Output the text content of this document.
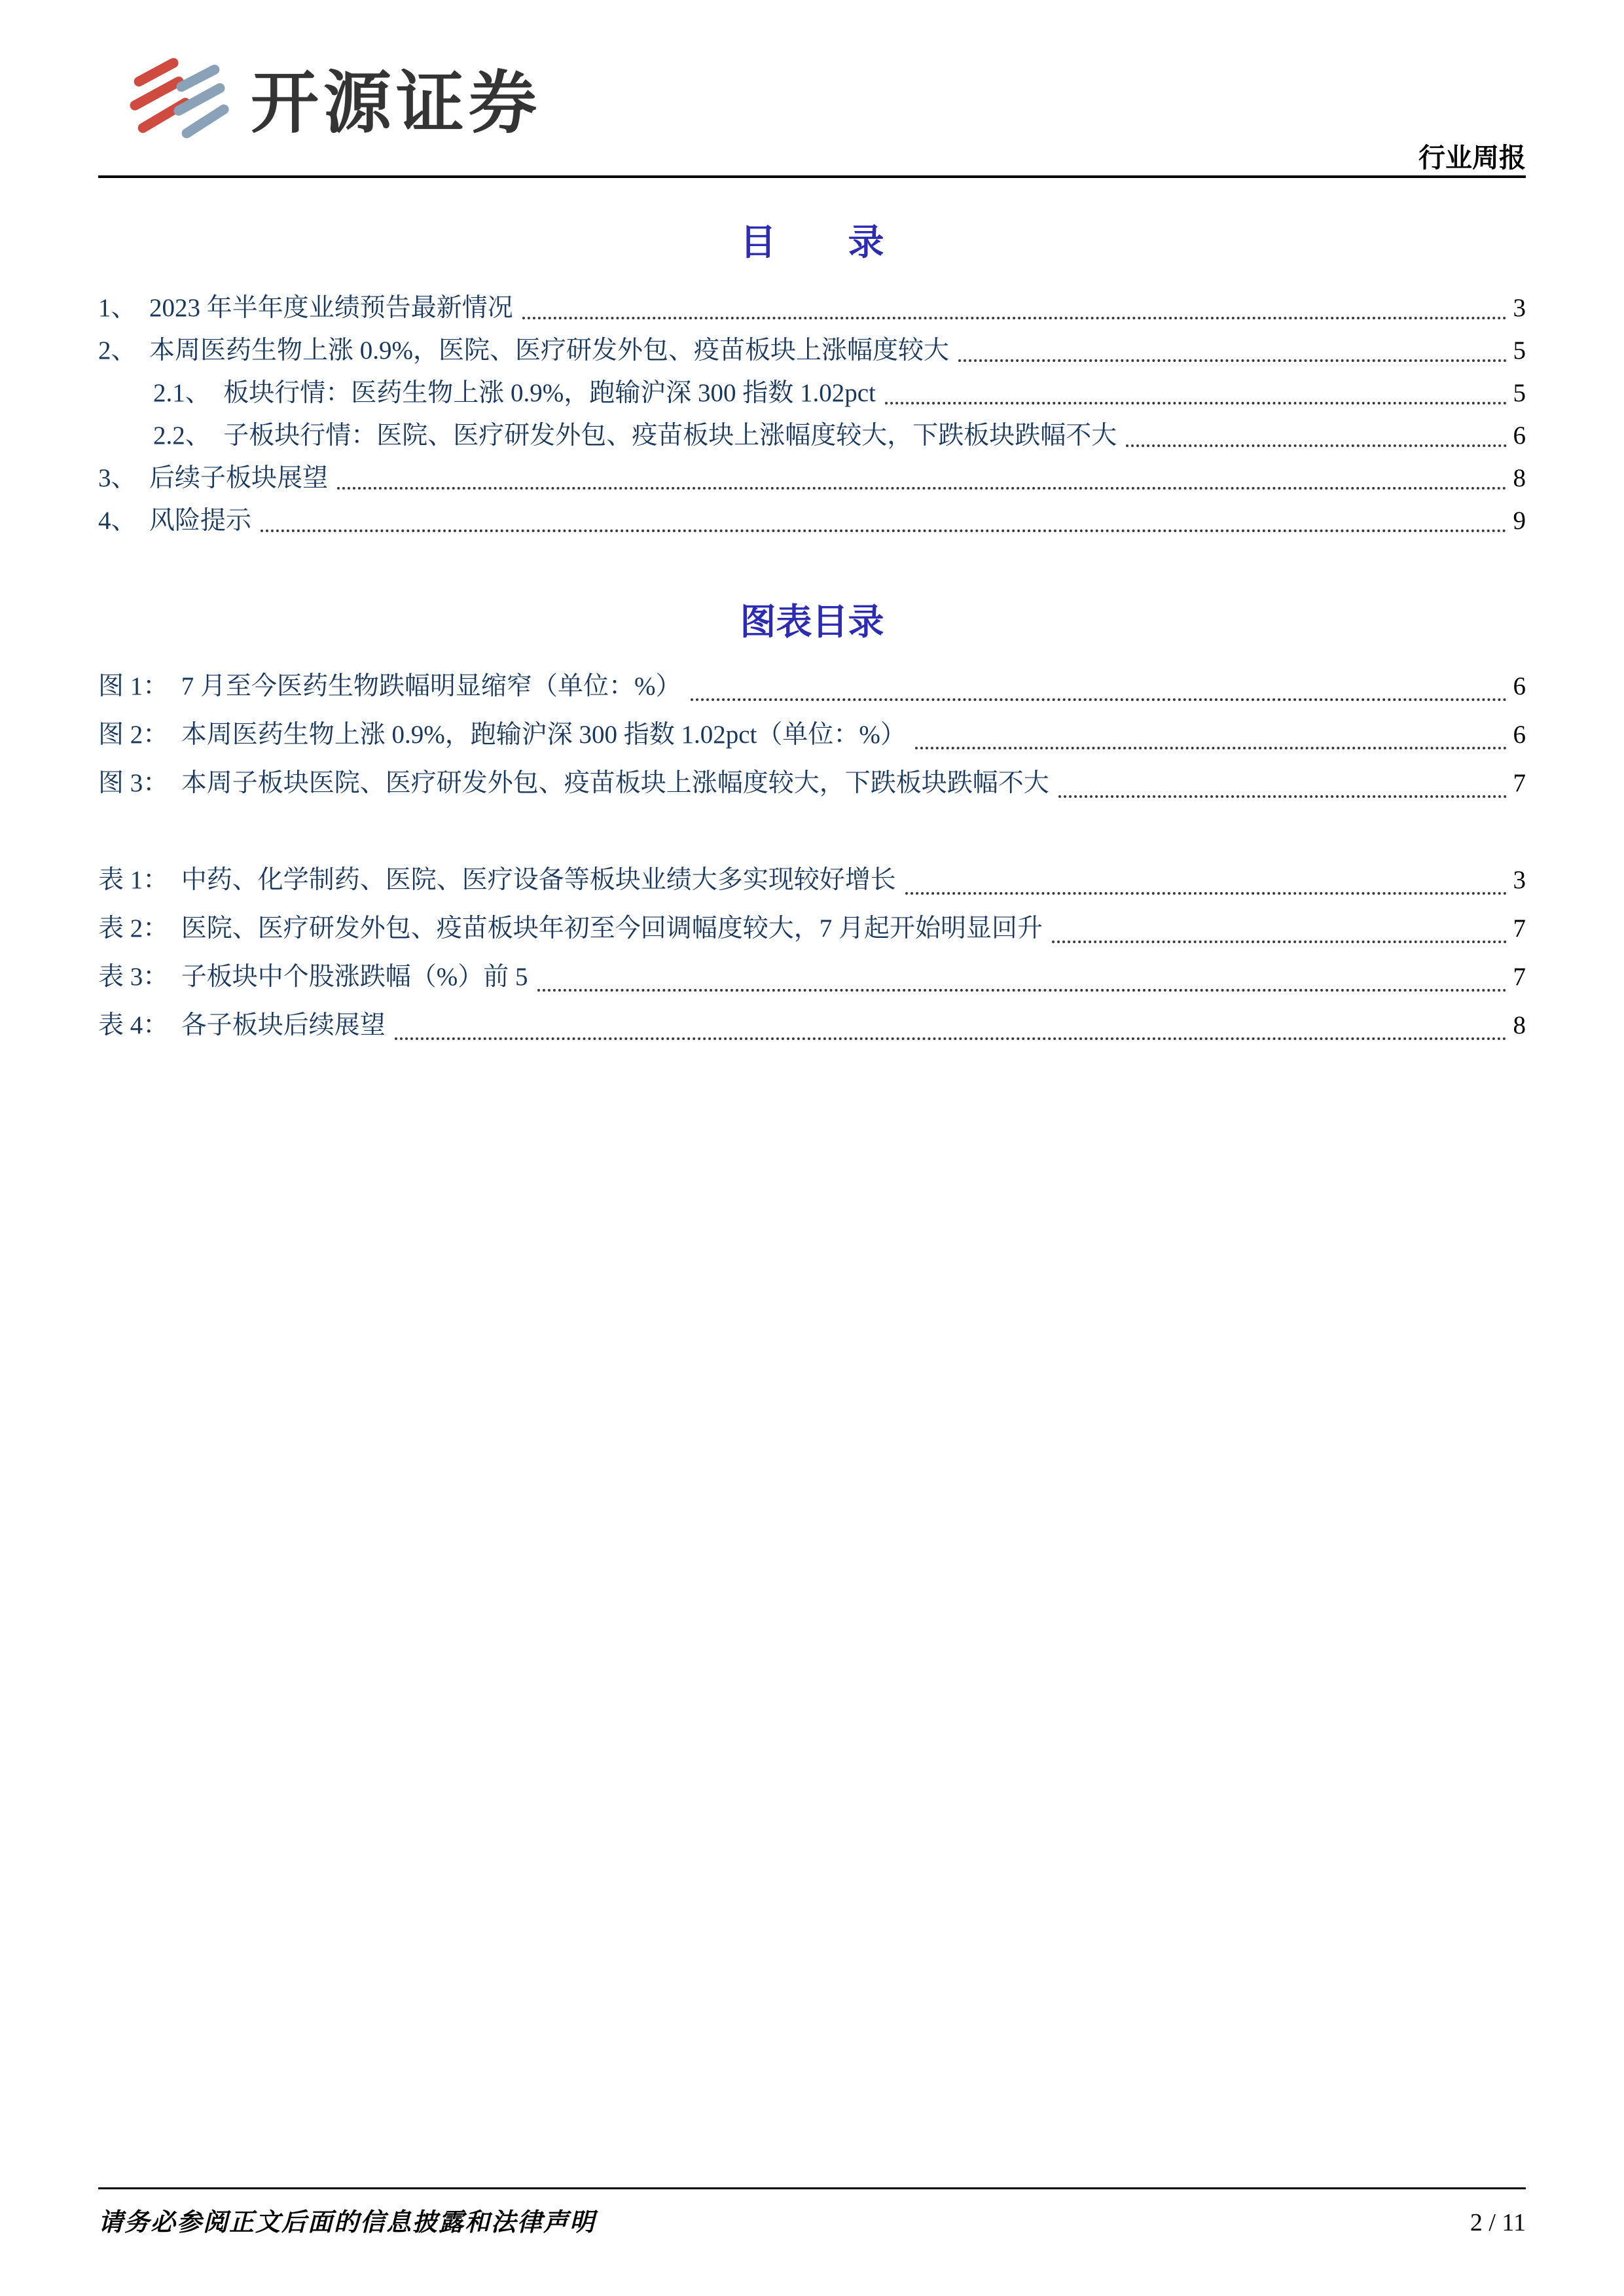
开源证券
行业周报
目　　录
1、  2023 年半年度业绩预告最新情况	3
2、  本周医药生物上涨 0.9%，医院、医疗研发外包、疫苗板块上涨幅度较大	5
2.1、  板块行情：医药生物上涨 0.9%，跑输沪深 300 指数 1.02pct	5
2.2、  子板块行情：医院、医疗研发外包、疫苗板块上涨幅度较大，下跌板块跌幅不大	6
3、  后续子板块展望	8
4、  风险提示	9
图表目录
图 1：  7 月至今医药生物跌幅明显缩窄（单位：%）	6
图 2：  本周医药生物上涨 0.9%，跑输沪深 300 指数 1.02pct（单位：%）	6
图 3：  本周子板块医院、医疗研发外包、疫苗板块上涨幅度较大，下跌板块跌幅不大	7
表 1：  中药、化学制药、医院、医疗设备等板块业绩大多实现较好增长	3
表 2：  医院、医疗研发外包、疫苗板块年初至今回调幅度较大，7 月起开始明显回升	7
表 3：  子板块中个股涨跌幅（%）前 5	7
表 4：  各子板块后续展望	8
请务必参阅正文后面的信息披露和法律声明	2 / 11
